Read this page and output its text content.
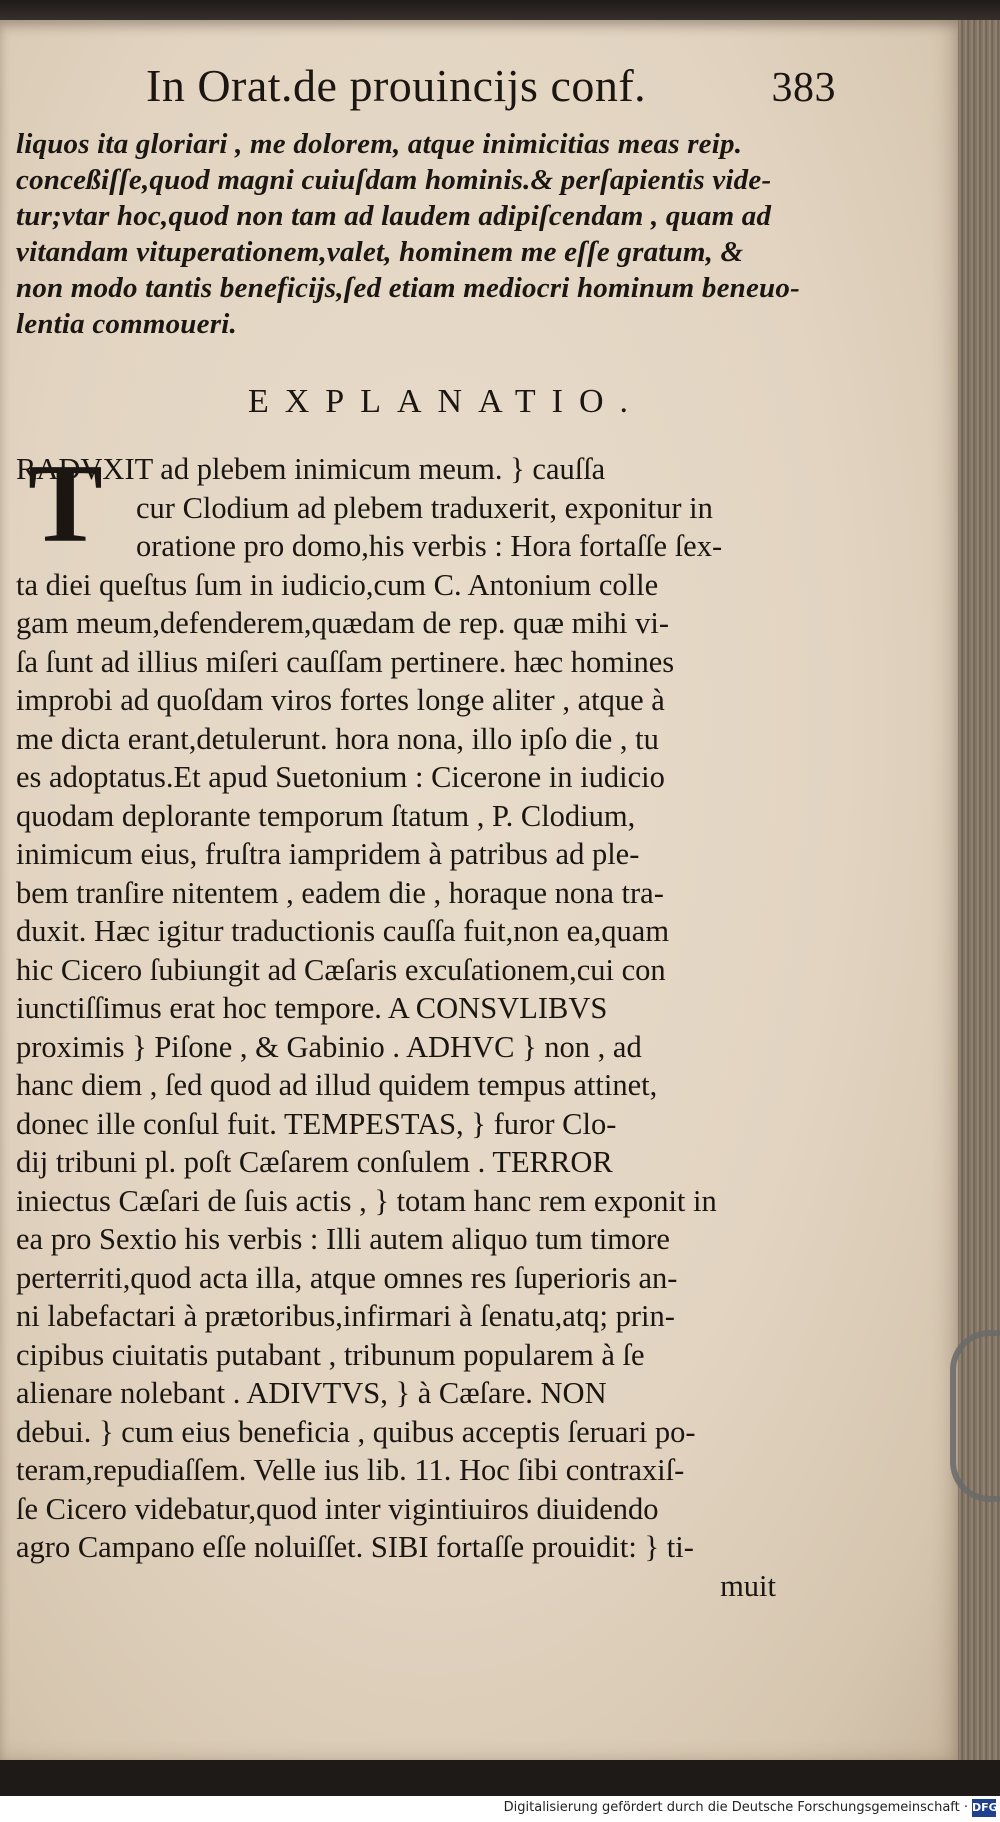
In Orat.de prouincijs conf.	383

liquos ita gloriari , me dolorem, atque inimicitias meas reip.

conceßiſſe,quod magni cuiuſdam hominis.& perſapientis vide-

tur;vtar hoc,quod non tam ad laudem adipiſcendam , quam ad

vitandam vituperationem,valet, hominem me eſſe gratum, &

non modo tantis beneficijs,ſed etiam mediocri hominum beneuo-

lentia commoueri.

EXPLANATIO.
T
RADVXIT ad plebem inimicum meum. } cauſſa
cur Clodium ad plebem traduxerit, exponitur in
oratione pro domo,his verbis : Hora fortaſſe ſex-
ta diei queſtus ſum in iudicio,cum C. Antonium colle
gam meum,defenderem,quædam de rep. quæ mihi vi-
ſa ſunt ad illius miſeri cauſſam pertinere. hæc homines
improbi ad quoſdam viros fortes longe aliter , atque à
me dicta erant,detulerunt. hora nona, illo ipſo die , tu
es adoptatus.Et apud Suetonium : Cicerone in iudicio
quodam deplorante temporum ſtatum , P. Clodium,
inimicum eius, fruſtra iampridem à patribus ad ple-
bem tranſire nitentem , eadem die , horaque nona tra-
duxit. Hæc igitur traductionis cauſſa fuit,non ea,quam
hic Cicero ſubiungit ad Cæſaris excuſationem,cui con
iunctiſſimus erat hoc tempore. A CONSVLIBVS
proximis } Piſone , & Gabinio . ADHVC } non , ad
hanc diem , ſed quod ad illud quidem tempus attinet,
donec ille conſul fuit. TEMPESTAS, } furor Clo-
dij tribuni pl. poſt Cæſarem conſulem . TERROR
iniectus Cæſari de ſuis actis , } totam hanc rem exponit in
ea pro Sextio his verbis : Illi autem aliquo tum timore
perterriti,quod acta illa, atque omnes res ſuperioris an-
ni labefactari à prætoribus,infirmari à ſenatu,atq; prin-
cipibus ciuitatis putabant , tribunum popularem à ſe
alienare nolebant . ADIVTVS, } à Cæſare. NON
debui. } cum eius beneficia , quibus acceptis ſeruari po-
teram,repudiaſſem. Velle ius lib. 11. Hoc ſibi contraxiſ-
ſe Cicero videbatur,quod inter vigintiuiros diuidendo
agro Campano eſſe noluiſſet. SIBI fortaſſe prouidit: } ti-
muit
Digitalisierung gefördert durch die Deutsche Forschungsgemeinschaft · DFG
